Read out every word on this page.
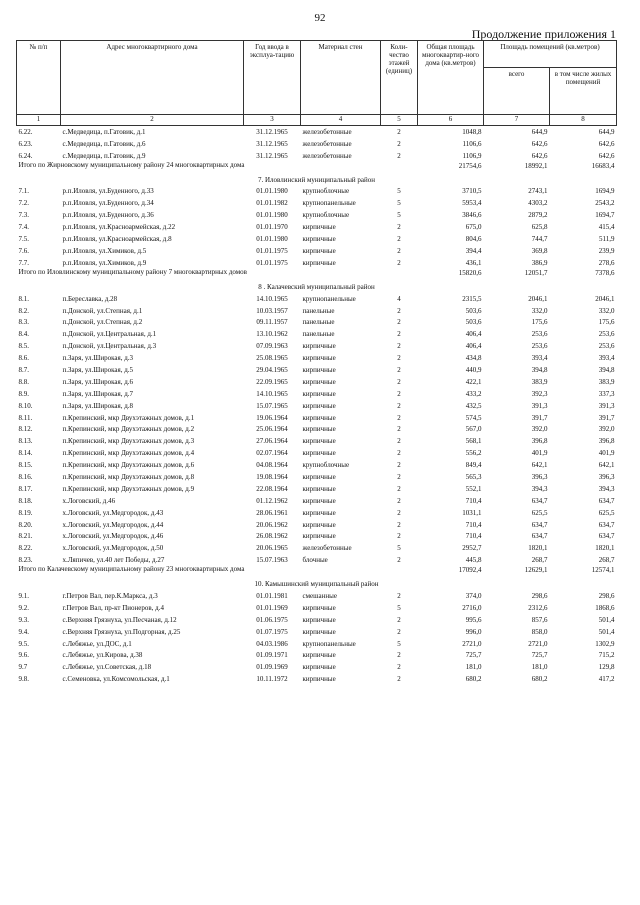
92
Продолжение приложения 1
№ п/п	Адрес многоквартирного дома	Год ввода в эксплуа-тацию	Материал стен	Коли-чество этажей (единиц)	Общая площадь многоквартир-ного дома (кв.метров)	Площадь помещений (кв.метров)	
						всего	в том числе жилых помещений
1	2	3	4	5	6	7	8
6.22.	с.Медведица, п.Гатовик, д.1	31.12.1965	железобетонные	2	1048,8	644,9	644,9
6.23.	с.Медведица, п.Гатовик, д.6	31.12.1965	железобетонные	2	1106,6	642,6	642,6
6.24.	с.Медведица, п.Гатовик, д.9	31.12.1965	железобетонные	2	1106,9	642,6	642,6
Итого по Жирновскому муниципальному району 24 многоквартирных дома					21754,6	18992,1	16683,4
7. Иловлинский муниципальный район							
7.1.	р.п.Иловля, ул.Буденного, д.33	01.01.1980	крупноблочные	5	3710,5	2743,1	1694,9
7.2.	р.п.Иловля, ул.Буденного, д.34	01.01.1982	крупнопанельные	5	5953,4	4303,2	2543,2
7.3.	р.п.Иловля, ул.Буденного, д.36	01.01.1980	крупноблочные	5	3846,6	2879,2	1694,7
7.4.	р.п.Иловля, ул.Красноармейская, д.22	01.01.1970	кирпичные	2	675,0	625,8	415,4
7.5.	р.п.Иловля, ул.Красноармейская, д.8	01.01.1980	кирпичные	2	804,6	744,7	511,9
7.6.	р.п.Иловля, ул.Химиков, д.5	01.01.1975	кирпичные	2	394,4	369,8	239,9
7.7.	р.п.Иловля, ул.Химиков, д.9	01.01.1975	кирпичные	2	436,1	386,9	278,6
Итого по Иловлинскому муниципальному району 7 многоквартирных домов					15820,6	12051,7	7378,6
8 . Калачевский муниципальный район							
8.1.	п.Береславка, д.28	14.10.1965	крупнопанельные	4	2315,5	2046,1	2046,1
8.2.	п.Донской, ул.Степная, д.1	10.03.1957	панельные	2	503,6	332,0	332,0
8.3.	п.Донской, ул.Степная, д.2	09.11.1957	панельные	2	503,6	175,6	175,6
8.4.	п.Донской, ул.Центральная, д.1	13.10.1962	панельные	2	406,4	253,6	253,6
8.5.	п.Донской, ул.Центральная, д.3	07.09.1963	кирпичные	2	406,4	253,6	253,6
8.6.	п.Заря, ул.Широкая, д.3	25.08.1965	кирпичные	2	434,8	393,4	393,4
8.7.	п.Заря, ул.Широкая, д.5	29.04.1965	кирпичные	2	440,9	394,8	394,8
8.8.	п.Заря, ул.Широкая, д.6	22.09.1965	кирпичные	2	422,1	383,9	383,9
8.9.	п.Заря, ул.Широкая, д.7	14.10.1965	кирпичные	2	433,2	392,3	337,3
8.10.	п.Заря, ул.Широкая, д.8	15.07.1965	кирпичные	2	432,5	391,3	391,3
8.11.	п.Крепинский, мкр Двухэтажных домов, д.1	19.06.1964	кирпичные	2	574,5	391,7	391,7
8.12.	п.Крепинский, мкр Двухэтажных домов, д.2	25.06.1964	кирпичные	2	567,0	392,0	392,0
8.13.	п.Крепинский, мкр Двухэтажных домов, д.3	27.06.1964	кирпичные	2	568,1	396,8	396,8
8.14.	п.Крепинский, мкр Двухэтажных домов, д.4	02.07.1964	кирпичные	2	556,2	401,9	401,9
8.15.	п.Крепинский, мкр Двухэтажных домов, д.6	04.08.1964	крупноблочные	2	849,4	642,1	642,1
8.16.	п.Крепинский, мкр Двухэтажных домов, д.8	19.08.1964	кирпичные	2	565,3	396,3	396,3
8.17.	п.Крепинский, мкр Двухэтажных домов, д.9	22.08.1964	кирпичные	2	552,1	394,3	394,3
8.18.	х.Логовский, д.46	01.12.1962	кирпичные	2	710,4	634,7	634,7
8.19.	х.Логовский, ул.Медгородок, д.43	28.06.1961	кирпичные	2	1031,1	625,5	625,5
8.20.	х.Логовский, ул.Медгородок, д.44	20.06.1962	кирпичные	2	710,4	634,7	634,7
8.21.	х.Логовский, ул.Медгородок, д.46	26.08.1962	кирпичные	2	710,4	634,7	634,7
8.22.	х.Логовский, ул.Медгородок, д.50	20.06.1965	железобетонные	5	2952,7	1820,1	1820,1
8.23.	х.Ляпичев, ул.40 лет Победы, д.27	15.07.1963	блочные	2	445,8	268,7	268,7
Итого по Калачевскому муниципальному району 23 многоквартирных дома					17092,4	12629,1	12574,1
10. Камышинский муниципальный район							
9.1.	г.Петров Вал, пер.К.Маркса, д.3	01.01.1981	смешанные	2	374,0	298,6	298,6
9.2.	г.Петров Вал, пр-кт Пионеров, д.4	01.01.1969	кирпичные	5	2716,0	2312,6	1868,6
9.3.	с.Верхняя Грязнуха, ул.Песчаная, д.12	01.06.1975	кирпичные	2	995,6	857,6	501,4
9.4.	с.Верхняя Грязнуха, ул.Подгорная, д.25	01.07.1975	кирпичные	2	996,0	858,0	501,4
9.5.	с.Лебяжье, ул.ДОС, д.1	04.03.1986	крупнопанельные	5	2721,0	2721,0	1302,9
9.6.	с.Лебяжье, ул.Кирова, д.38	01.09.1971	кирпичные	2	725,7	725,7	715,2
9.7	с.Лебяжье, ул.Советская, д.18	01.09.1969	кирпичные	2	181,0	181,0	129,8
9.8.	с.Семеновка, ул.Комсомольская, д.1	10.11.1972	кирпичные	2	680,2	680,2	417,2
